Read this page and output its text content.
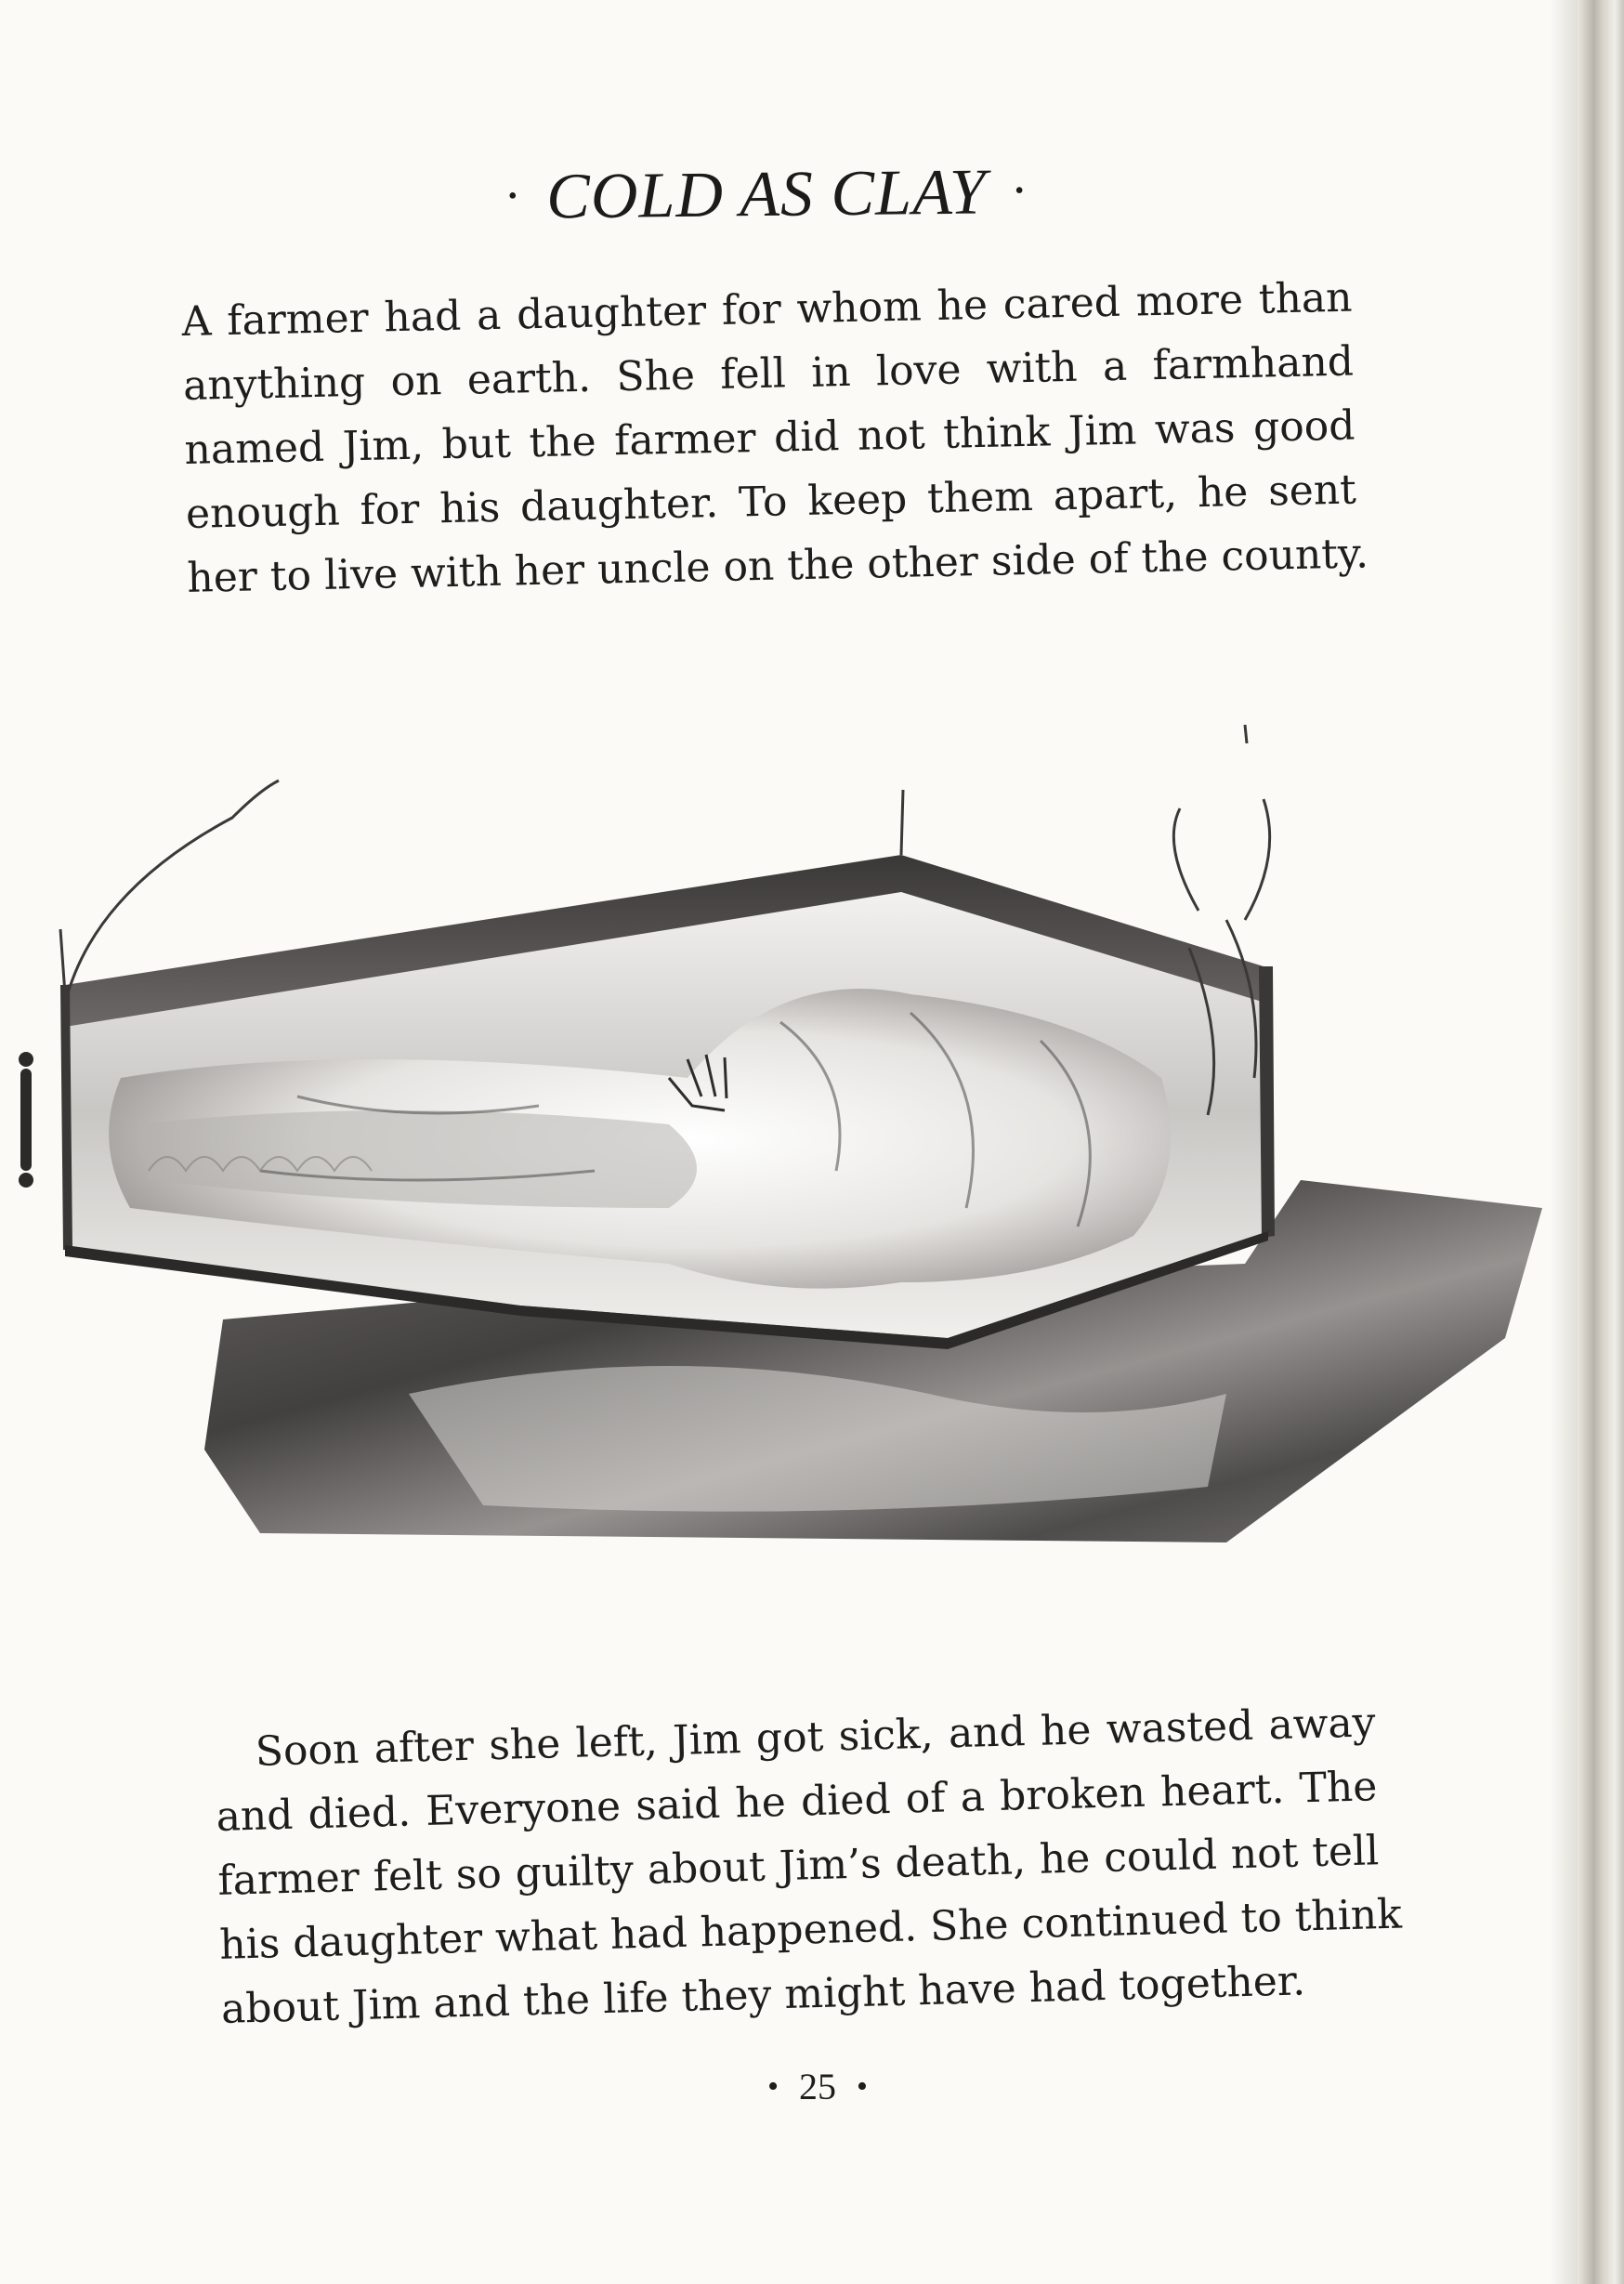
· COLD AS CLAY ·
A farmer had a daughter for whom he cared more than
anything on earth. She fell in love with a farmhand
named Jim, but the farmer did not think Jim was good
enough for his daughter. To keep them apart, he sent
her to live with her uncle on the other side of the county.
Soon after she left, Jim got sick, and he wasted away
and died. Everyone said he died of a broken heart. The
farmer felt so guilty about Jim’s death, he could not tell
his daughter what had happened. She continued to think
about Jim and the life they might have had together.
• 25 •
